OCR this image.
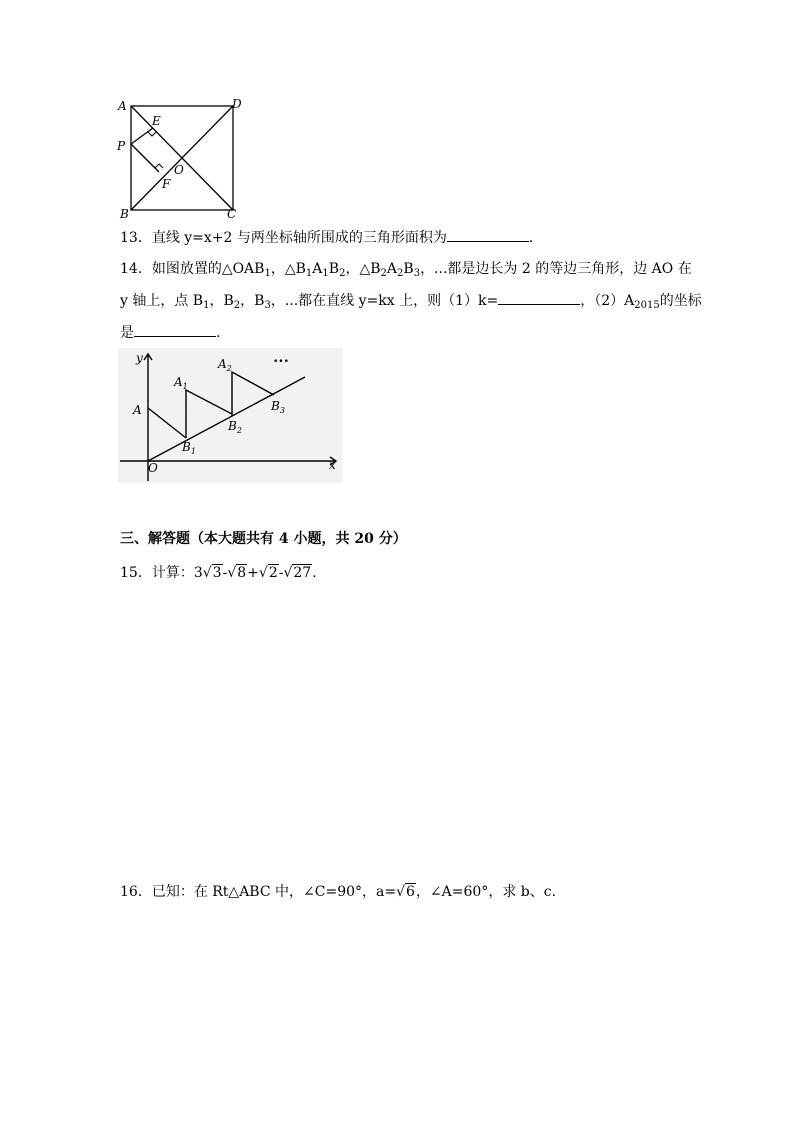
A	D
E
P
O
F
B	C
13．直线 y=x+2 与两坐标轴所围成的三角形面积为	.
14．如图放置的$\triangle OAB_1$，$\triangle B_1A_1B_2$，$\triangle B_2A_2B_3$，...都是边长为 2 的等边三角形，边 AO 在
y 轴上，点 $B_1$，$B_2$，$B_3$，...都在直线 y=kx 上，则（1）k=	，$(2)A_{2015}$的坐标
是	.
y
x
O
A
$A_1$
$A_2$
$B_1$
$B_2$
$B_3$
•••
三、解答题（本大题共有 4 小题，共 20 分）
15．计算：3√3-√8+√2-√27.
16．已知：在 Rt△ABC 中，∠C=90°，a=√6，∠A=60°，求 b、c.
